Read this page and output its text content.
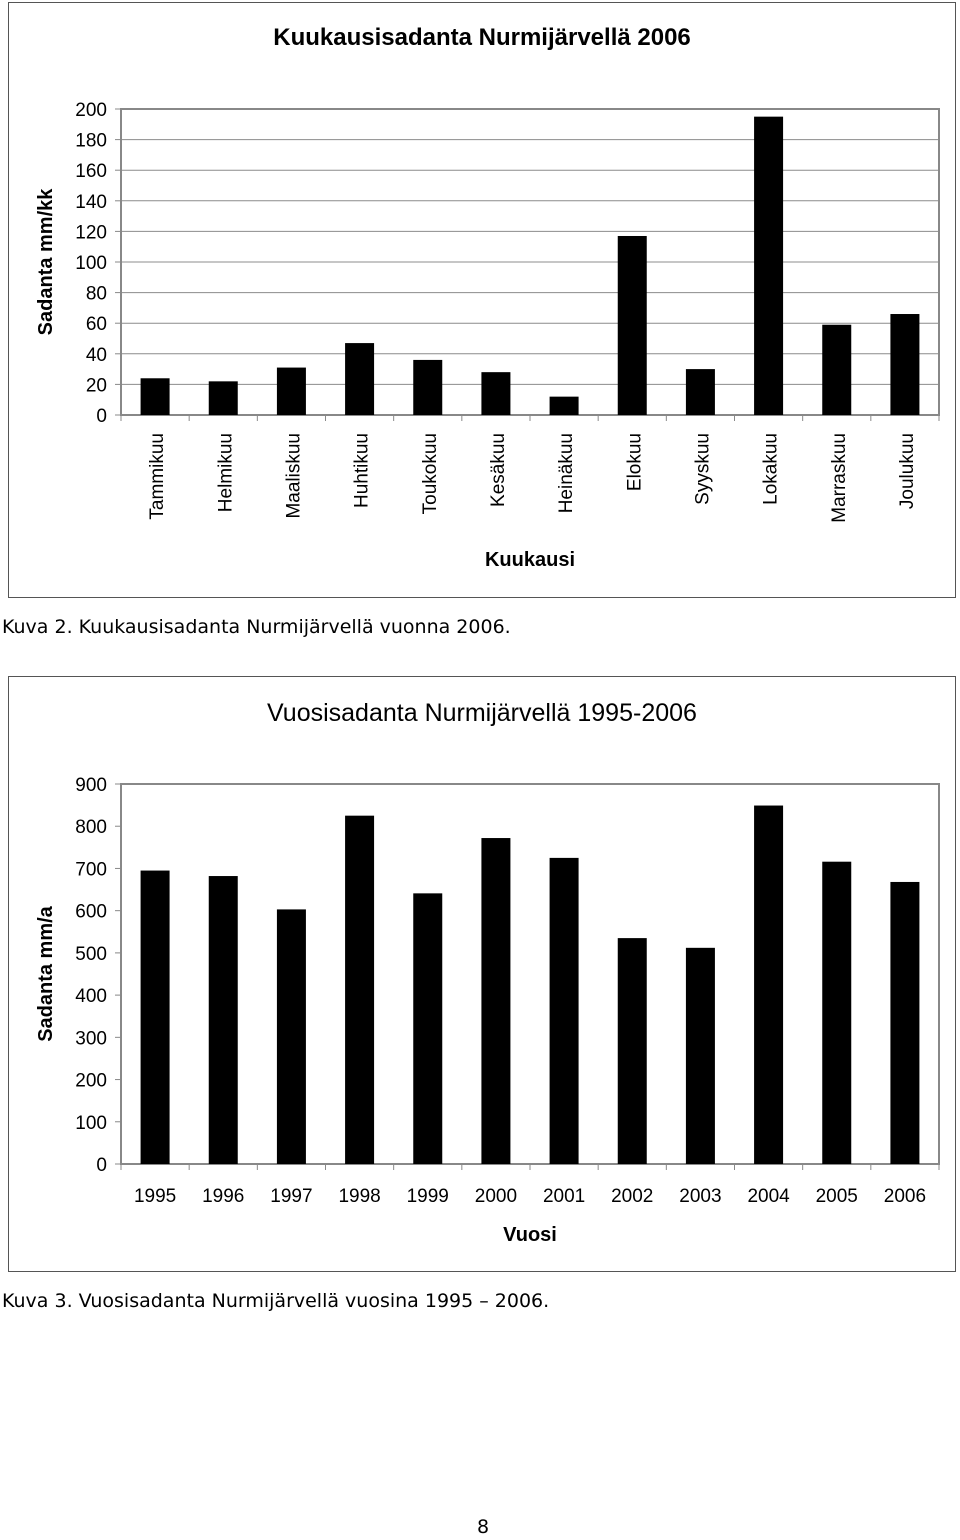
Kuukausisadanta Nurmijärvellä 2006
0
20
40
60
80
100
120
140
160
180
200
Tammikuu Helmikuu Maaliskuu Huhtikuu Toukokuu Kesäkuu Heinäkuu Elokuu Syyskuu Lokakuu Marraskuu Joulukuu
Kuukausi
Sadanta mm/kk
Kuva 2. Kuukausisadanta Nurmijärvellä vuonna 2006.
Vuosisadanta Nurmijärvellä 1995-2006
0
100
200
300
400
500
600
700
800
900
1995 1996 1997 1998 1999 2000 2001 2002 2003 2004 2005 2006
Vuosi
Sadanta mm/a
Kuva 3. Vuosisadanta Nurmijärvellä vuosina 1995 – 2006.
8
